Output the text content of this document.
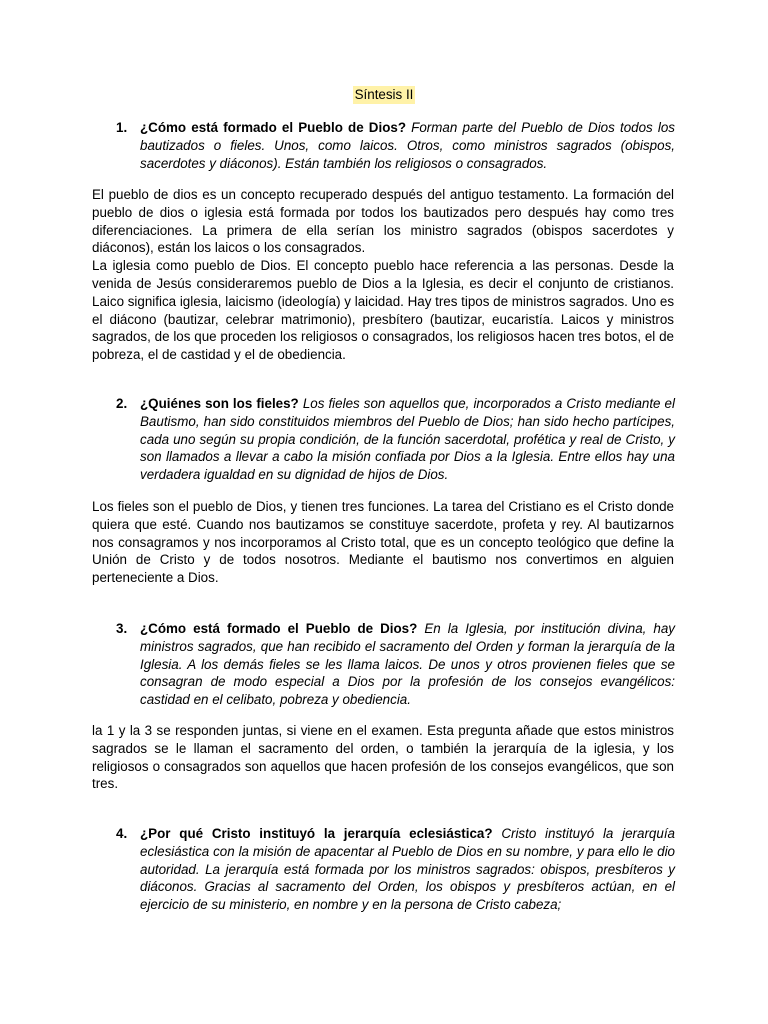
Síntesis II
1. ¿Cómo está formado el Pueblo de Dios? Forman parte del Pueblo de Dios todos los bautizados o fieles. Unos, como laicos. Otros, como ministros sagrados (obispos, sacerdotes y diáconos). Están también los religiosos o consagrados.

El pueblo de dios es un concepto recuperado después del antiguo testamento. La formación del pueblo de dios o iglesia está formada por todos los bautizados pero después hay como tres diferenciaciones. La primera de ella serían los ministro sagrados (obispos sacerdotes y diáconos), están los laicos o los consagrados.

La iglesia como pueblo de Dios. El concepto pueblo hace referencia a las personas. Desde la venida de Jesús consideraremos pueblo de Dios a la Iglesia, es decir el conjunto de cristianos. Laico significa iglesia, laicismo (ideología) y laicidad. Hay tres tipos de ministros sagrados. Uno es el diácono (bautizar, celebrar matrimonio), presbítero (bautizar, eucaristía. Laicos y ministros sagrados, de los que proceden los religiosos o consagrados, los religiosos hacen tres botos, el de pobreza, el de castidad y el de obediencia.

2. ¿Quiénes son los fieles? Los fieles son aquellos que, incorporados a Cristo mediante el Bautismo, han sido constituidos miembros del Pueblo de Dios; han sido hecho partícipes, cada uno según su propia condición, de la función sacerdotal, profética y real de Cristo, y son llamados a llevar a cabo la misión confiada por Dios a la Iglesia. Entre ellos hay una verdadera igualdad en su dignidad de hijos de Dios.

Los fieles son el pueblo de Dios, y tienen tres funciones. La tarea del Cristiano es el Cristo donde quiera que esté. Cuando nos bautizamos se constituye sacerdote, profeta y rey. Al bautizarnos nos consagramos y nos incorporamos al Cristo total, que es un concepto teológico que define la Unión de Cristo y de todos nosotros. Mediante el bautismo nos convertimos en alguien perteneciente a Dios.

3. ¿Cómo está formado el Pueblo de Dios? En la Iglesia, por institución divina, hay ministros sagrados, que han recibido el sacramento del Orden y forman la jerarquía de la Iglesia. A los demás fieles se les llama laicos. De unos y otros provienen fieles que se consagran de modo especial a Dios por la profesión de los consejos evangélicos: castidad en el celibato, pobreza y obediencia.

la 1 y la 3 se responden juntas, si viene en el examen. Esta pregunta añade que estos ministros sagrados se le llaman el sacramento del orden, o también la jerarquía de la iglesia, y los religiosos o consagrados son aquellos que hacen profesión de los consejos evangélicos, que son tres.

4. ¿Por qué Cristo instituyó la jerarquía eclesiástica? Cristo instituyó la jerarquía eclesiástica con la misión de apacentar al Pueblo de Dios en su nombre, y para ello le dio autoridad. La jerarquía está formada por los ministros sagrados: obispos, presbíteros y diáconos. Gracias al sacramento del Orden, los obispos y presbíteros actúan, en el ejercicio de su ministerio, en nombre y en la persona de Cristo cabeza;
